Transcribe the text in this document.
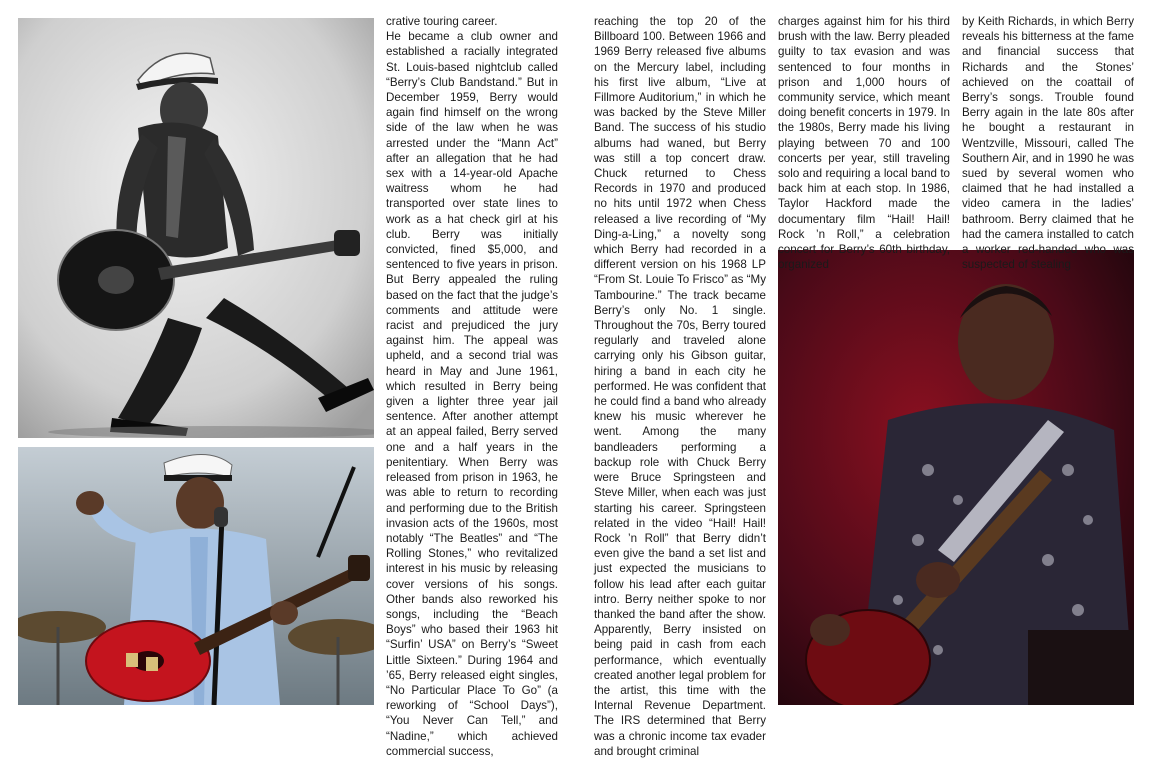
crative touring career.

He became a club owner and established a racially integrated St. Louis-based nightclub called “Berry’s Club Bandstand.” But in December 1959, Berry would again find himself on the wrong side of the law when he was arrested under the “Mann Act” after an allegation that he had sex with a 14-year-old Apache waitress whom he had transported over state lines to work as a hat check girl at his club. Berry was initially convicted, fined $5,000, and sentenced to five years in prison. But Berry appealed the ruling based on the fact that the judge’s comments and attitude were racist and prejudiced the jury against him. The appeal was upheld, and a second trial was heard in May and June 1961, which resulted in Berry being given a lighter three year jail sentence. After another attempt at an appeal failed, Berry served one and a half years in the penitentiary. When Berry was released from prison in 1963, he was able to return to recording and performing due to the British invasion acts of the 1960s, most notably “The Beatles” and “The Rolling Stones,” who revitalized interest in his music by releasing cover versions of his songs. Other bands also reworked his songs, including the “Beach Boys” who based their 1963 hit “Surfin’ USA” on Berry’s “Sweet Little Sixteen.” During 1964 and ’65, Berry released eight singles, “No Particular Place To Go” (a reworking of “School Days”), “You Never Can Tell,” and “Nadine,” which achieved commercial success,

reaching the top 20 of the Billboard 100. Between 1966 and 1969 Berry released five albums on the Mercury label, including his first live album, “Live at Fillmore Auditorium,” in which he was backed by the Steve Miller Band. The success of his studio albums had waned, but Berry was still a top concert draw. Chuck returned to Chess Records in 1970 and produced no hits until 1972 when Chess released a live recording of “My Ding-a-Ling,” a novelty song which Berry had recorded in a different version on his 1968 LP “From St. Louie To Frisco” as “My Tambourine.” The track became Berry’s only No. 1 single. Throughout the 70s, Berry toured regularly and traveled alone carrying only his Gibson guitar, hiring a band in each city he performed. He was confident that he could find a band who already knew his music wherever he went. Among the many bandleaders performing a backup role with Chuck Berry were Bruce Springsteen and Steve Miller, when each was just starting his career. Springsteen related in the video “Hail! Hail! Rock ’n Roll” that Berry didn’t even give the band a set list and just expected the musicians to follow his lead after each guitar intro. Berry neither spoke to nor thanked the band after the show. Apparently, Berry insisted on being paid in cash from each performance, which eventually created another legal problem for the artist, this time with the Internal Revenue Department. The IRS determined that Berry was a chronic income tax evader and brought criminal

charges against him for his third brush with the law. Berry pleaded guilty to tax evasion and was sentenced to four months in prison and 1,000 hours of community service, which meant doing benefit concerts in 1979. In the 1980s, Berry made his living playing between 70 and 100 concerts per year, still traveling solo and requiring a local band to back him at each stop. In 1986, Taylor Hackford made the documentary film “Hail! Hail! Rock ’n Roll,” a celebration concert for Berry’s 60th birthday, organized

by Keith Richards, in which Berry reveals his bitterness at the fame and financial success that Richards and the Stones’ achieved on the coattail of Berry’s songs. Trouble found Berry again in the late 80s after he bought a restaurant in Wentzville, Missouri, called The Southern Air, and in 1990 he was sued by several women who claimed that he had installed a video camera in the ladies’ bathroom. Berry claimed that he had the camera installed to catch a worker red-handed who was suspected of stealing
